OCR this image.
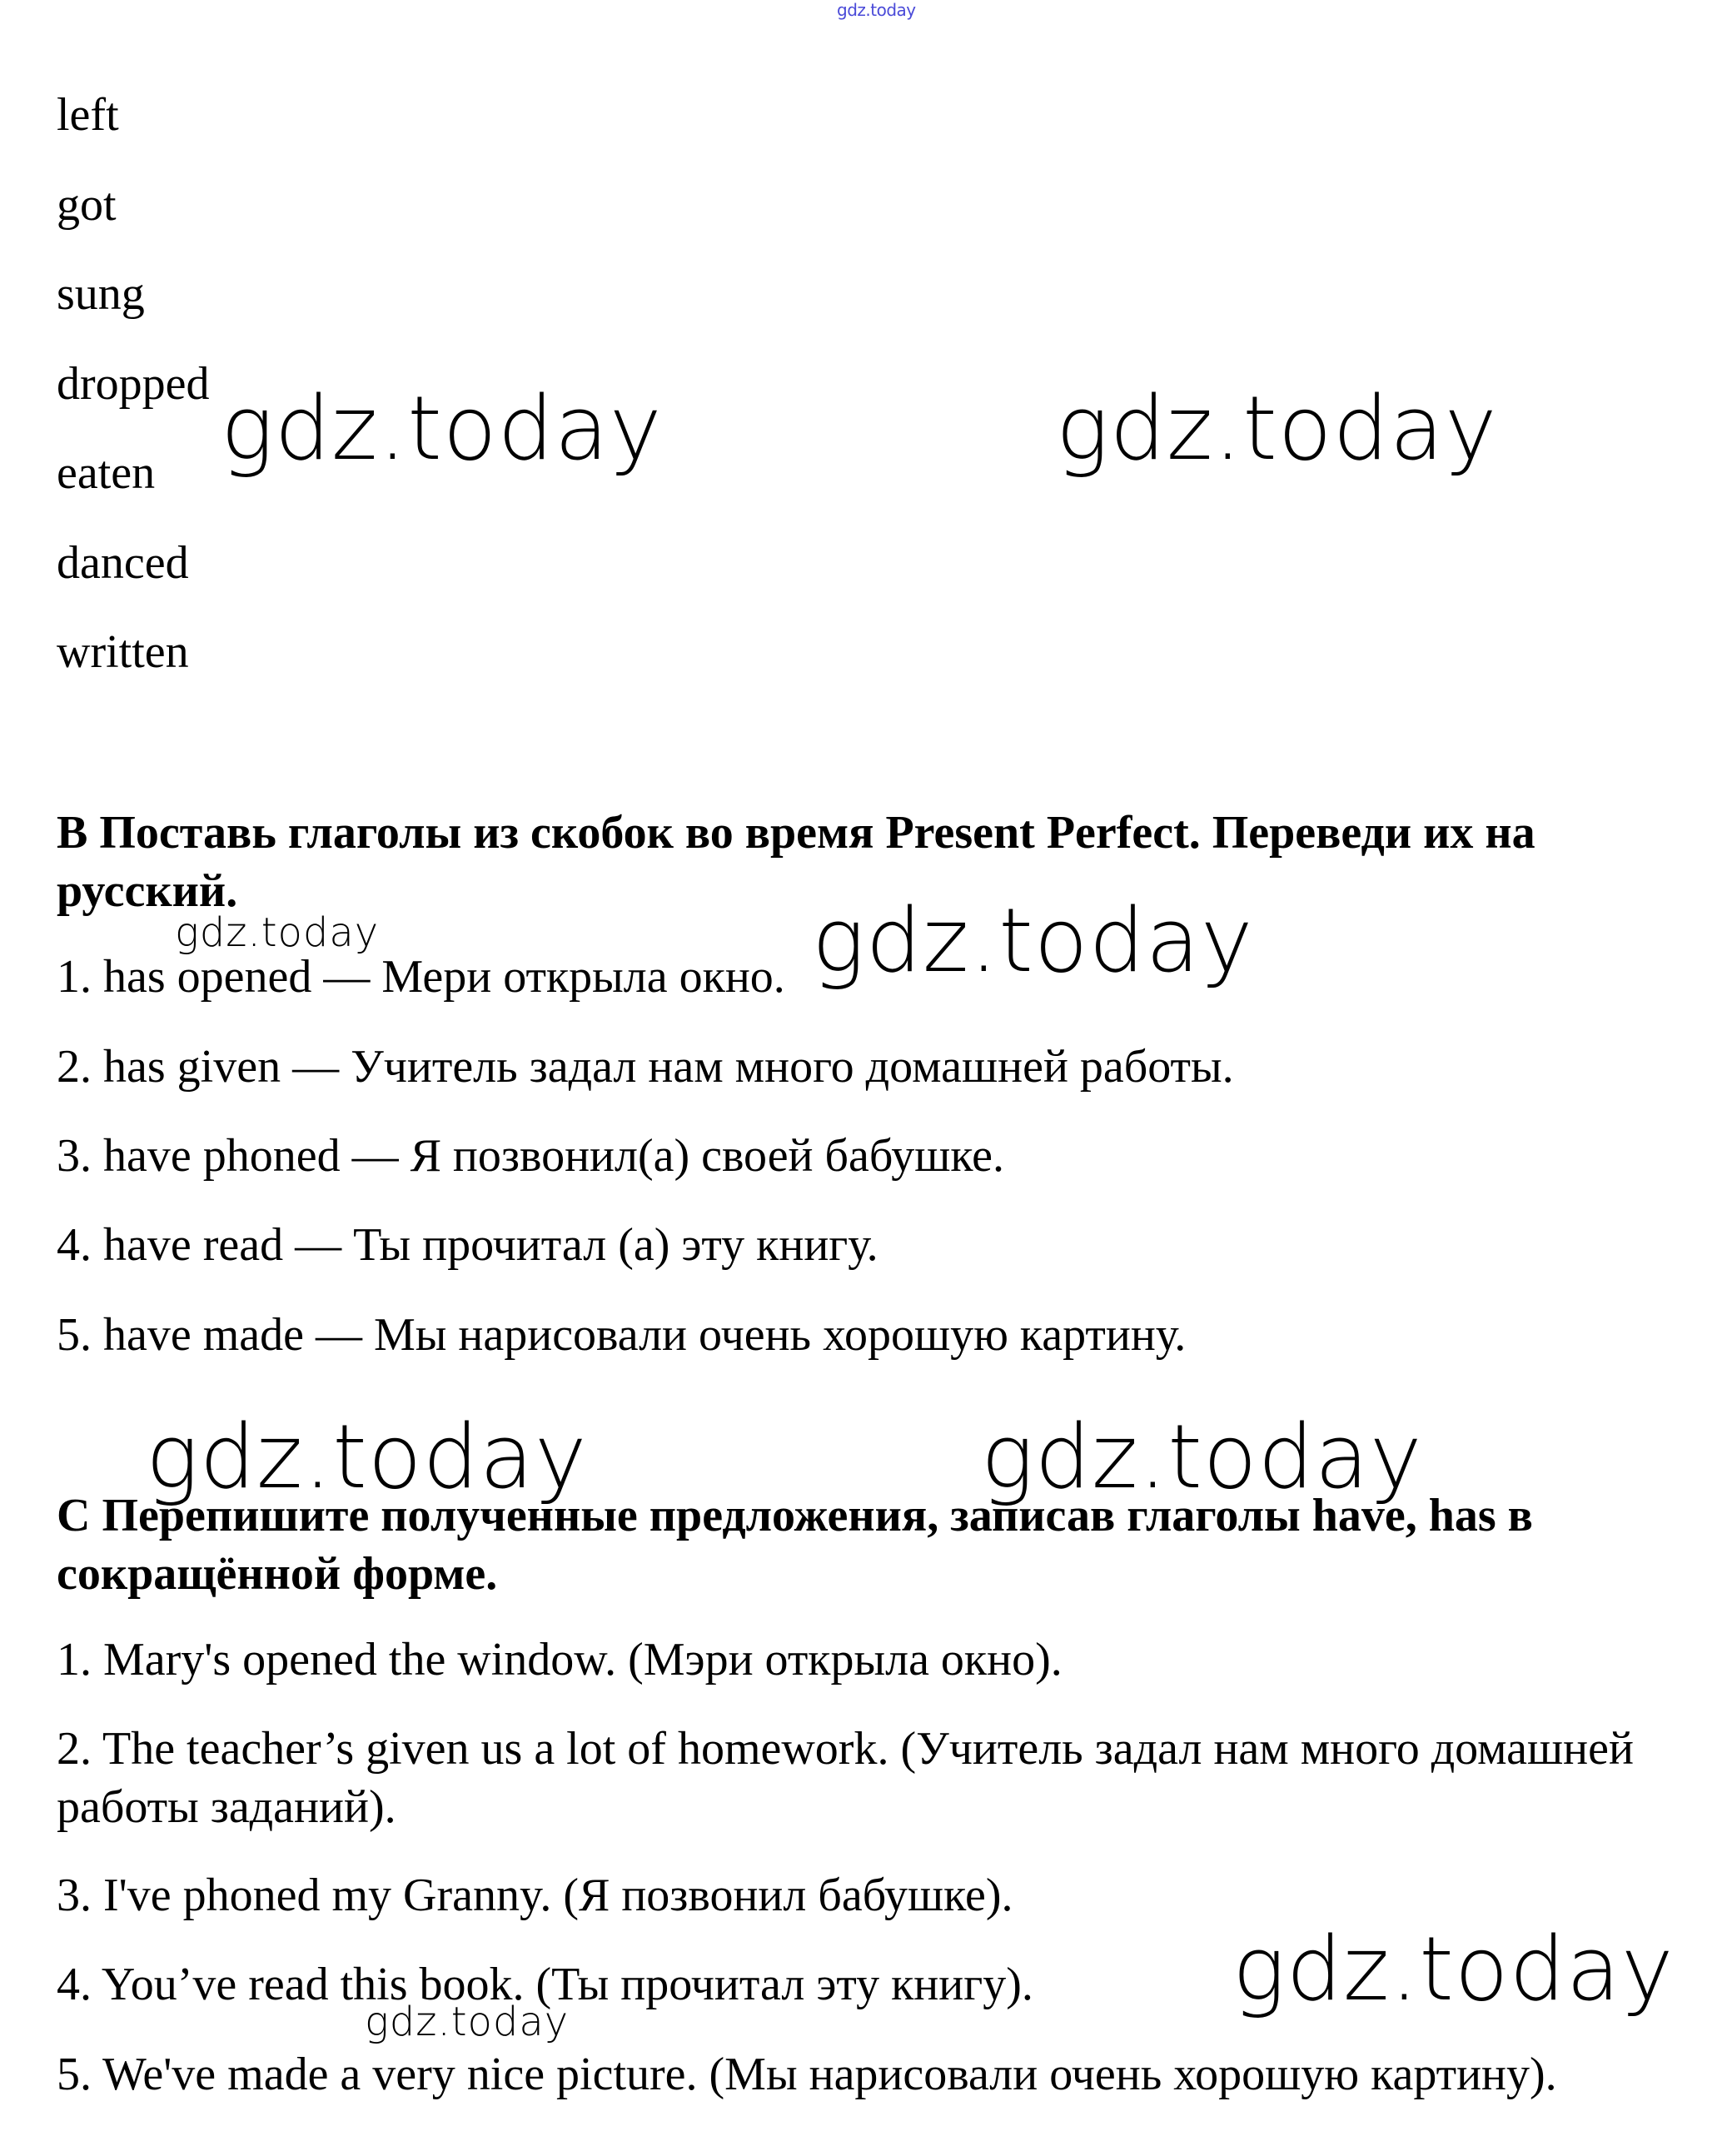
gdz.today
left
got
sung
dropped
eaten
danced
written
B Поставь глаголы из скобок во время Present Perfect. Переведи их на русский.
1. has opened — Мери открыла окно.
2. has given — Учитель задал нам много домашней работы.
3. have phoned — Я позвонил(а) своей бабушке.
4. have read — Ты прочитал (а) эту книгу.
5. have made — Мы нарисовали очень хорошую картину.
C Перепишите полученные предложения, записав глаголы have, has в сокращённой форме.
1. Mary's opened the window. (Мэри открыла окно).
2. The teacher’s given us a lot of homework. (Учитель задал нам много домашней работы заданий).
3. I've phoned my Granny. (Я позвонил бабушке).
4. You’ve read this book. (Ты прочитал эту книгу).
5. We've made a very nice picture. (Мы нарисовали очень хорошую картину).
gdz.today	gdz.today
gdz.today	gdz.today
gdz.today	gdz.today
gdz.today
gdz.today
